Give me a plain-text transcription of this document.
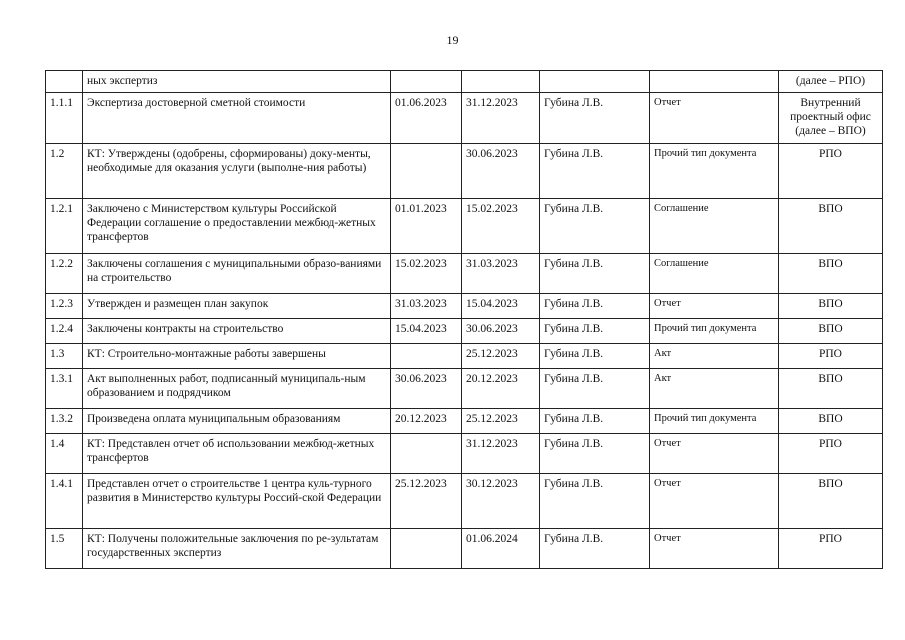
19
	ных экспертиз					(далее – РПО)
1.1.1	Экспертиза достоверной сметной стоимости	01.06.2023	31.12.2023	Губина Л.В.	Отчет	Внутренний проектный офис (далее – ВПО)
1.2	КТ: Утверждены (одобрены, сформированы) доку-менты, необходимые для оказания услуги (выполне-ния работы)		30.06.2023	Губина Л.В.	Прочий тип документа	РПО
1.2.1	Заключено с Министерством культуры Российской Федерации соглашение о предоставлении межбюд-жетных трансфертов	01.01.2023	15.02.2023	Губина Л.В.	Соглашение	ВПО
1.2.2	Заключены соглашения с муниципальными образо-ваниями на строительство	15.02.2023	31.03.2023	Губина Л.В.	Соглашение	ВПО
1.2.3	Утвержден и размещен план закупок	31.03.2023	15.04.2023	Губина Л.В.	Отчет	ВПО
1.2.4	Заключены контракты на строительство	15.04.2023	30.06.2023	Губина Л.В.	Прочий тип документа	ВПО
1.3	КТ: Строительно-монтажные работы завершены		25.12.2023	Губина Л.В.	Акт	РПО
1.3.1	Акт выполненных работ, подписанный муниципаль-ным образованием и подрядчиком	30.06.2023	20.12.2023	Губина Л.В.	Акт	ВПО
1.3.2	Произведена оплата муниципальным образованиям	20.12.2023	25.12.2023	Губина Л.В.	Прочий тип документа	ВПО
1.4	КТ: Представлен отчет об использовании межбюд-жетных трансфертов		31.12.2023	Губина Л.В.	Отчет	РПО
1.4.1	Представлен отчет о строительстве 1 центра куль-турного развития в Министерство культуры Россий-ской Федерации	25.12.2023	30.12.2023	Губина Л.В.	Отчет	ВПО
1.5	КТ: Получены положительные заключения по ре-зультатам государственных экспертиз		01.06.2024	Губина Л.В.	Отчет	РПО
